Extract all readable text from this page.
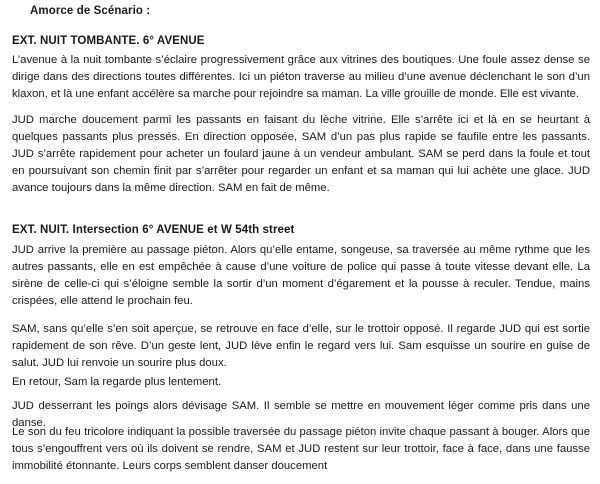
Amorce de Scénario :
EXT. NUIT TOMBANTE. 6° AVENUE

L’avenue à la nuit tombante s’éclaire progressivement grâce aux vitrines des boutiques. Une foule assez dense se dirige dans des directions toutes différentes. Ici un piéton traverse au milieu d’une avenue déclenchant le son d’un klaxon, et là une enfant accélère sa marche pour rejoindre sa maman. La ville grouille de monde. Elle est vivante.

JUD marche doucement parmi les passants en faisant du lèche vitrine. Elle s’arrête ici et là en se heurtant à quelques passants plus pressés. En direction opposée, SAM d’un pas plus rapide se faufile entre les passants. JUD s’arrête rapidement pour acheter un foulard jaune à un vendeur ambulant. SAM se perd dans la foule et tout en poursuivant son chemin finit par s’arrêter pour regarder un enfant et sa maman qui lui achète une glace. JUD avance toujours dans la même direction. SAM en fait de même.

EXT. NUIT. Intersection 6° AVENUE et W 54th street

JUD arrive la première au passage piéton. Alors qu’elle entame, songeuse, sa traversée au même rythme que les autres passants, elle en est empêchée à cause d’une voiture de police qui passe à toute vitesse devant elle. La sirène de celle-ci qui s’éloigne semble la sortir d’un moment d’égarement et la pousse à reculer. Tendue, mains crispées, elle attend le prochain feu.

SAM, sans qu’elle s’en soit aperçue, se retrouve en face d’elle, sur le trottoir opposé. Il regarde JUD qui est sortie rapidement de son rêve. D’un geste lent, JUD lève enfin le regard vers lui. Sam esquisse un sourire en guise de salut. JUD lui renvoie un sourire plus doux.

En retour, Sam la regarde plus lentement.

JUD desserrant les poings alors dévisage SAM. Il semble se mettre en mouvement léger comme pris dans une danse.

Le son du feu tricolore indiquant la possible traversée du passage piéton invite chaque passant à bouger. Alors que tous s’engouffrent vers où ils doivent se rendre, SAM et JUD restent sur leur trottoir, face à face, dans une fausse immobilité étonnante. Leurs corps semblent danser doucement
